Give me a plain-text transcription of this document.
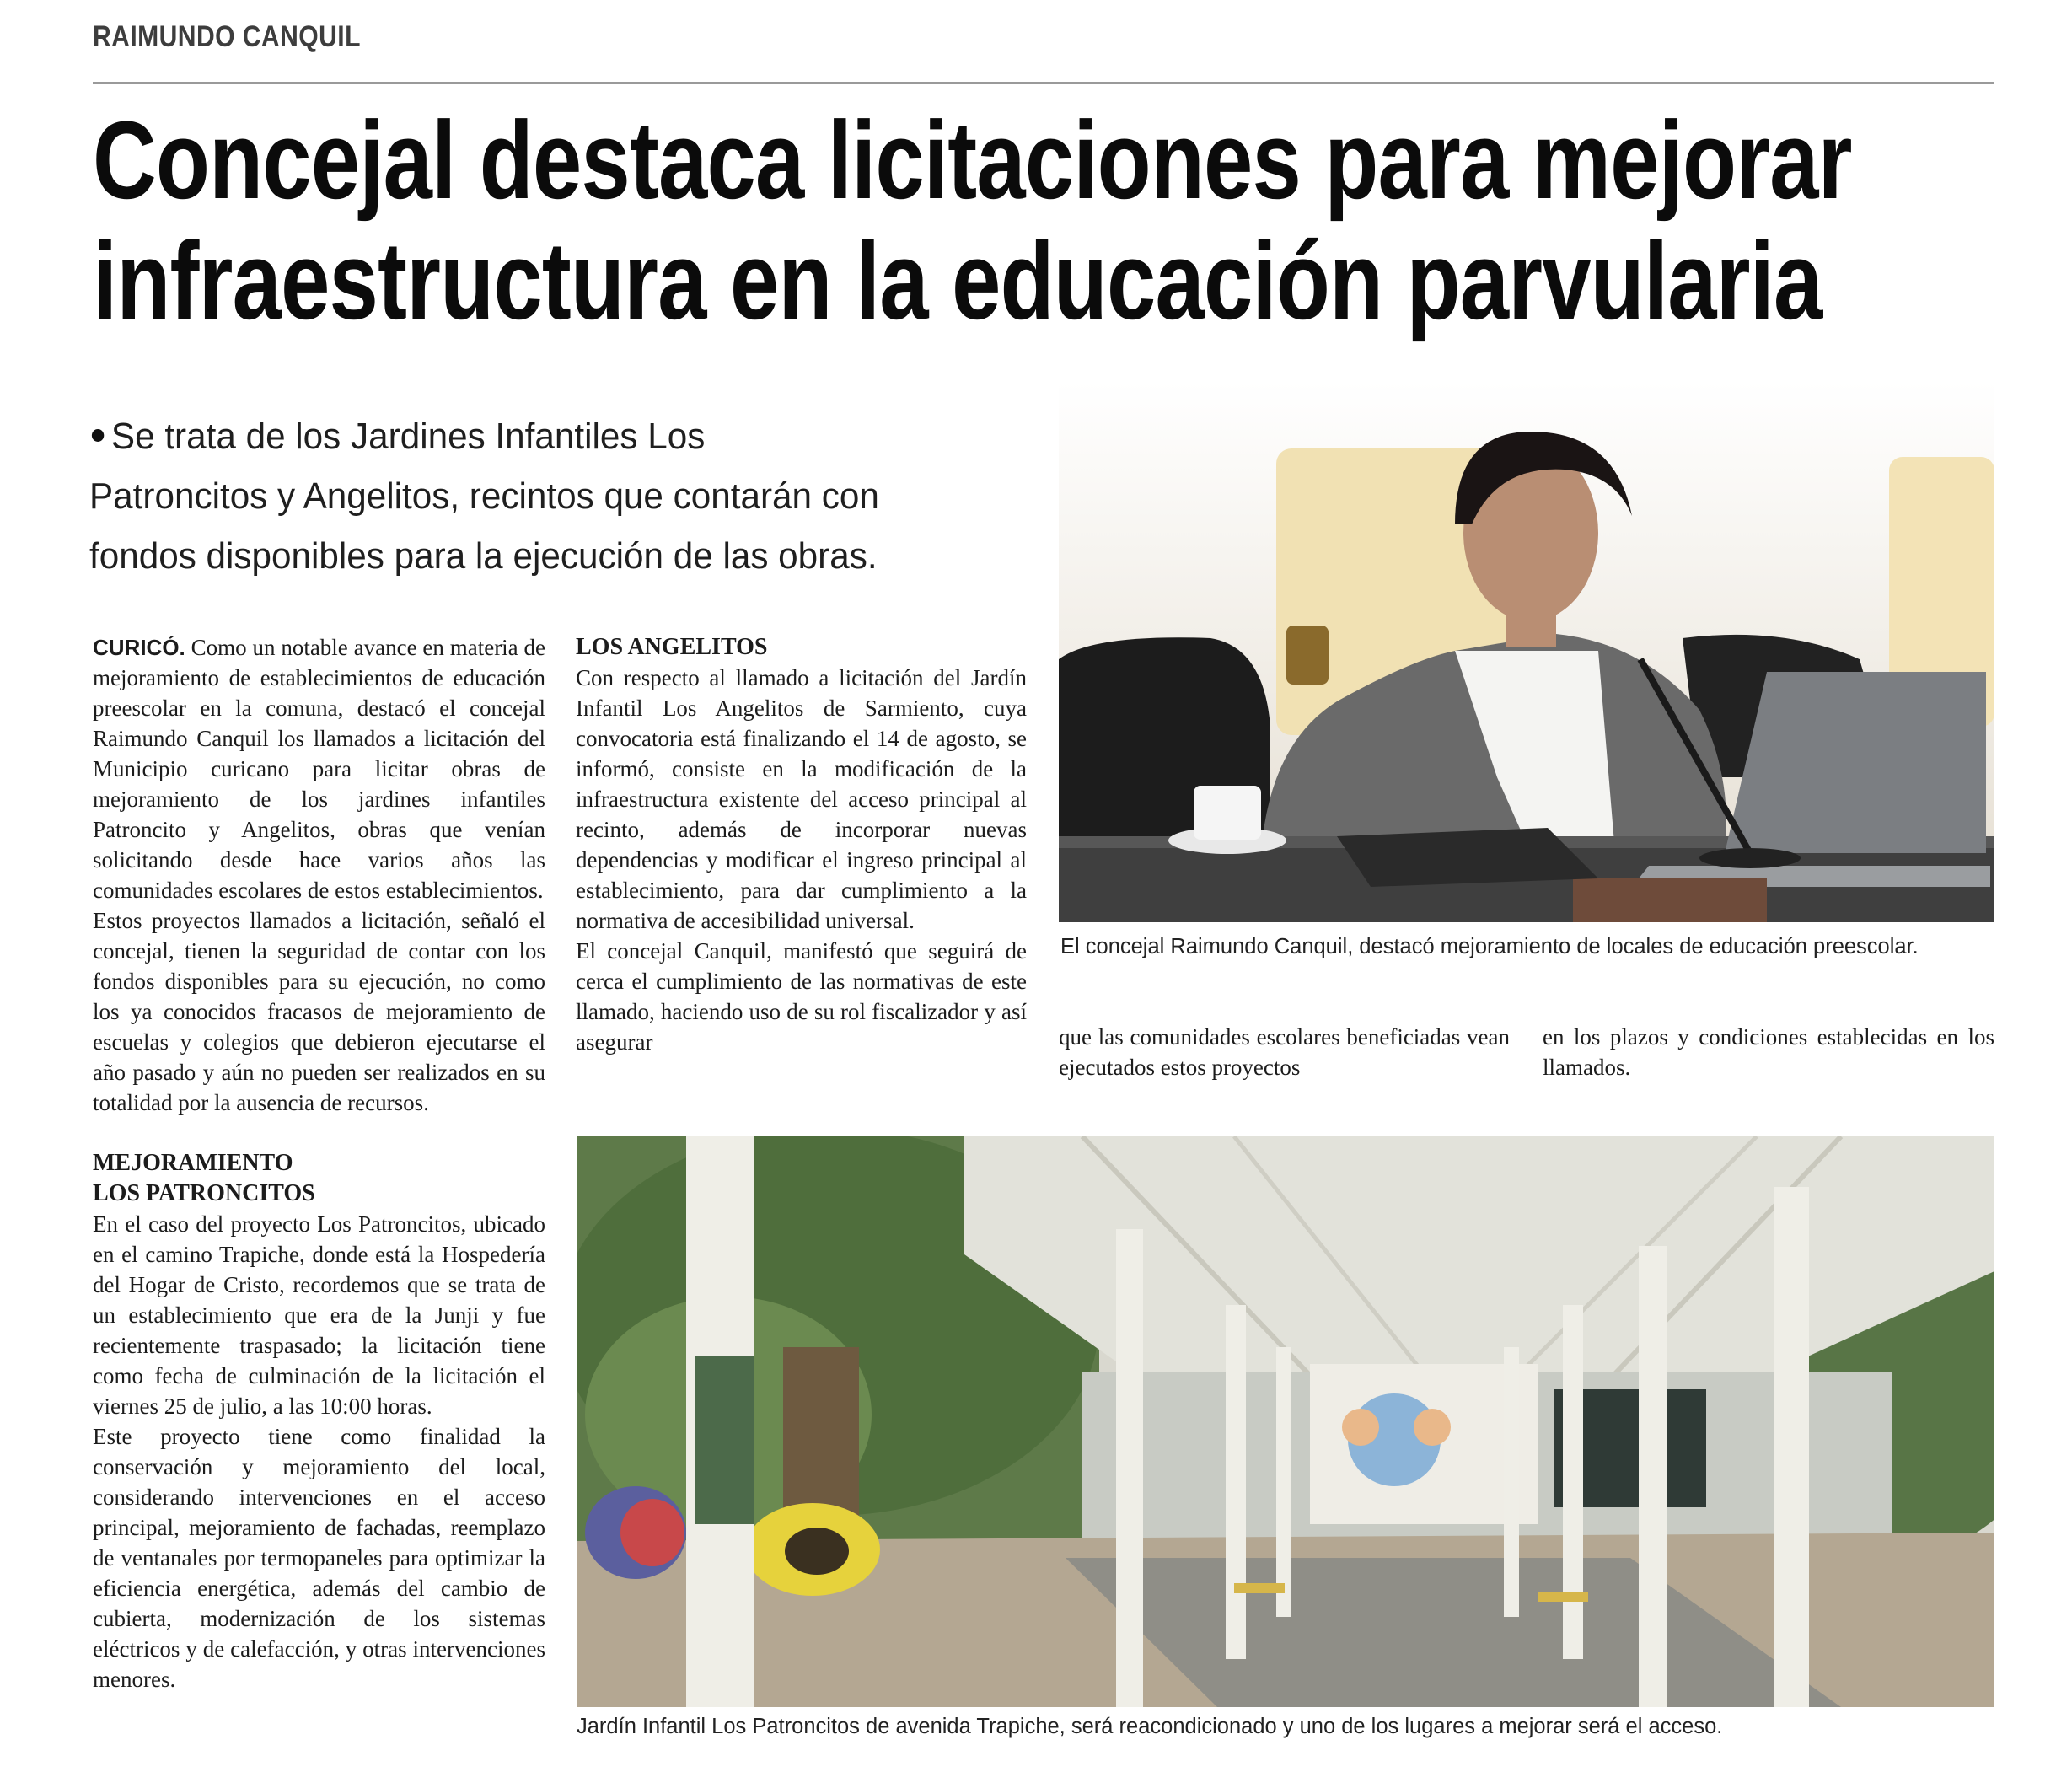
RAIMUNDO CANQUIL
Concejal destaca licitaciones para mejorar
infraestructura en la educación parvularia
Se trata de los Jardines Infantiles Los
Patroncitos y Angelitos, recintos que contarán con
fondos disponibles para la ejecución de las obras.

CURICÓ. Como un notable avance en materia de mejoramiento de establecimientos de educación preescolar en la comuna, destacó el concejal Raimundo Canquil los llamados a licitación del Municipio curicano para licitar obras de mejoramiento de los jardines infantiles Patroncito y Angelitos, obras que venían solicitando desde hace varios años las comunidades escolares de estos establecimientos.

Estos proyectos llamados a licitación, señaló el concejal, tienen la seguridad de contar con los fondos disponibles para su ejecución, no como los ya conocidos fracasos de mejoramiento de escuelas y colegios que debieron ejecutarse el año pasado y aún no pueden ser realizados en su totalidad por la ausencia de recursos.

MEJORAMIENTO

LOS PATRONCITOS

En el caso del proyecto Los Patroncitos, ubicado en el camino Trapiche, donde está la Hospedería del Hogar de Cristo, recordemos que se trata de un establecimiento que era de la Junji y fue recientemente traspasado; la licitación tiene como fecha de culminación de la licitación el viernes 25 de julio, a las 10:00 horas.

Este proyecto tiene como finalidad la conservación y mejoramiento del local, considerando intervenciones en el acceso principal, mejoramiento de fachadas, reemplazo de ventanales por termopaneles para optimizar la eficiencia energética, además del cambio de cubierta, modernización de los sistemas eléctricos y de calefacción, y otras intervenciones menores.

LOS ANGELITOS

Con respecto al llamado a licitación del Jardín Infantil Los Angelitos de Sarmiento, cuya convocatoria está finalizando el 14 de agosto, se informó, consiste en la modificación de la infraestructura existente del acceso principal al recinto, además de incorporar nuevas dependencias y modificar el ingreso principal al establecimiento, para dar cumplimiento a la normativa de accesibilidad universal.

El concejal Canquil, manifestó que seguirá de cerca el cumplimiento de las normativas de este llamado, haciendo uso de su rol fiscalizador y así asegurar	que las comunidades escolares beneficiadas vean ejecutados estos proyectos

en los plazos y condiciones establecidas en los llamados.

El concejal Raimundo Canquil, destacó mejoramiento de locales de educación preescolar.
Jardín Infantil Los Patroncitos de avenida Trapiche, será reacondicionado y uno de los lugares a mejorar será el acceso.
